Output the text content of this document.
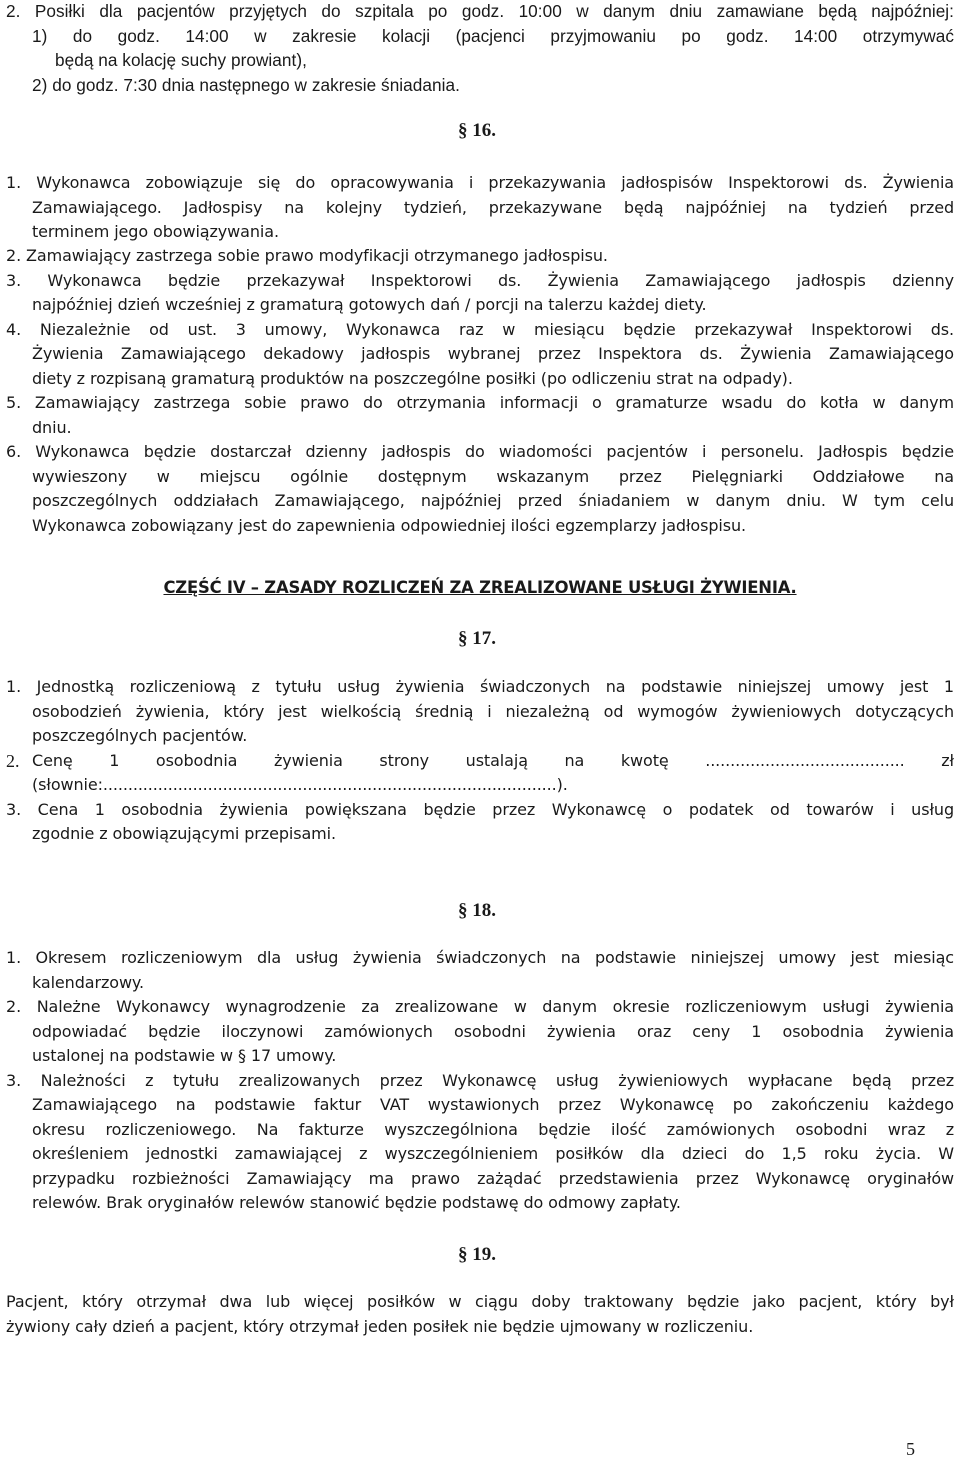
2. Posiłki dla pacjentów przyjętych do szpitala po godz. 10:00 w danym dniu zamawiane będą najpóźniej:
1) do godz. 14:00 w zakresie kolacji (pacjenci przyjmowaniu po godz. 14:00 otrzymywać
będą na kolację suchy prowiant),
2) do godz. 7:30 dnia następnego w zakresie śniadania.
§ 16.
1. Wykonawca zobowiązuje się do opracowywania i przekazywania jadłospisów Inspektorowi ds. Żywienia
Zamawiającego. Jadłospisy na kolejny tydzień, przekazywane będą najpóźniej na tydzień przed
terminem jego obowiązywania.
2. Zamawiający zastrzega sobie prawo modyfikacji otrzymanego jadłospisu.
3. Wykonawca będzie przekazywał Inspektorowi ds. Żywienia Zamawiającego jadłospis dzienny
najpóźniej dzień wcześniej z gramaturą gotowych dań / porcji na talerzu każdej diety.
4. Niezależnie od ust. 3 umowy, Wykonawca raz w miesiącu będzie przekazywał Inspektorowi ds.
Żywienia Zamawiającego dekadowy jadłospis wybranej przez Inspektora ds. Żywienia Zamawiającego
diety z rozpisaną gramaturą produktów na poszczególne posiłki (po odliczeniu strat na odpady).
5. Zamawiający zastrzega sobie prawo do otrzymania informacji o gramaturze wsadu do kotła w danym
dniu.
6. Wykonawca będzie dostarczał dzienny jadłospis do wiadomości pacjentów i personelu. Jadłospis będzie
wywieszony w miejscu ogólnie dostępnym wskazanym przez Pielęgniarki Oddziałowe na
poszczególnych oddziałach Zamawiającego, najpóźniej przed śniadaniem w danym dniu. W tym celu
Wykonawca zobowiązany jest do zapewnienia odpowiedniej ilości egzemplarzy jadłospisu.
CZĘŚĆ IV – ZASADY ROZLICZEŃ ZA ZREALIZOWANE USŁUGI ŻYWIENIA.
§ 17.
1. Jednostką rozliczeniową z tytułu usług żywienia świadczonych na podstawie niniejszej umowy jest 1
osobodzień żywienia, który jest wielkością średnią i niezależną od wymogów żywieniowych dotyczących
poszczególnych pacjentów.
2. Cenę 1 osobodnia żywienia strony ustalają na kwotę ........................................ zł
(słownie:...........................................................................................).
3. Cena 1 osobodnia żywienia powiększana będzie przez Wykonawcę o podatek od towarów i usług
zgodnie z obowiązującymi przepisami.
§ 18.
1. Okresem rozliczeniowym dla usług żywienia świadczonych na podstawie niniejszej umowy jest miesiąc
kalendarzowy.
2. Należne Wykonawcy wynagrodzenie za zrealizowane w danym okresie rozliczeniowym usługi żywienia
odpowiadać będzie iloczynowi zamówionych osobodni żywienia oraz ceny 1 osobodnia żywienia
ustalonej na podstawie w § 17 umowy.
3. Należności z tytułu zrealizowanych przez Wykonawcę usług żywieniowych wypłacane będą przez
Zamawiającego na podstawie faktur VAT wystawionych przez Wykonawcę po zakończeniu każdego
okresu rozliczeniowego. Na fakturze wyszczególniona będzie ilość zamówionych osobodni wraz z
określeniem jednostki zamawiającej z wyszczególnieniem posiłków dla dzieci do 1,5 roku życia. W
przypadku rozbieżności Zamawiający ma prawo zażądać przedstawienia przez Wykonawcę oryginałów
relewów. Brak oryginałów relewów stanowić będzie podstawę do odmowy zapłaty.
§ 19.
Pacjent, który otrzymał dwa lub więcej posiłków w ciągu doby traktowany będzie jako pacjent, który był
żywiony cały dzień a pacjent, który otrzymał jeden posiłek nie będzie ujmowany w rozliczeniu.
5
